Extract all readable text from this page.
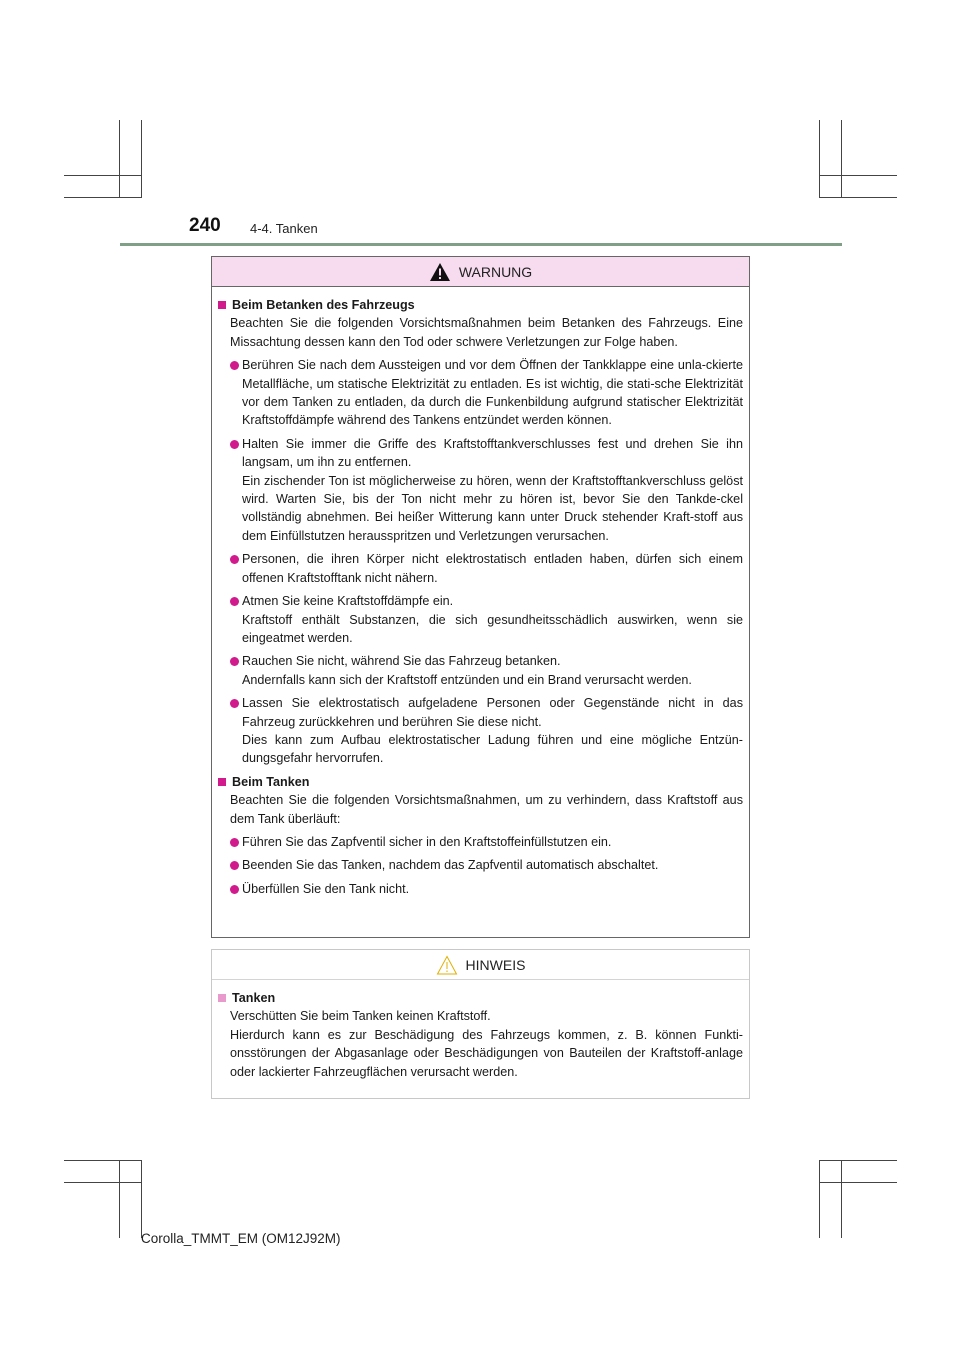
240 4-4. Tanken
WARNUNG
Beim Betanken des Fahrzeugs

Beachten Sie die folgenden Vorsichtsmaßnahmen beim Betanken des Fahrzeugs. Eine Missachtung dessen kann den Tod oder schwere Verletzungen zur Folge haben.

Berühren Sie nach dem Aussteigen und vor dem Öffnen der Tankklappe eine unla-ckierte Metallfläche, um statische Elektrizität zu entladen. Es ist wichtig, die stati-sche Elektrizität vor dem Tanken zu entladen, da durch die Funkenbildung aufgrund statischer Elektrizität Kraftstoffdämpfe während des Tankens entzündet werden können.
Halten Sie immer die Griffe des Kraftstofftankverschlusses fest und drehen Sie ihn langsam, um ihn zu entfernen.
Ein zischender Ton ist möglicherweise zu hören, wenn der Kraftstofftankverschluss gelöst wird. Warten Sie, bis der Ton nicht mehr zu hören ist, bevor Sie den Tankde-ckel vollständig abnehmen. Bei heißer Witterung kann unter Druck stehender Kraft-stoff aus dem Einfüllstutzen herausspritzen und Verletzungen verursachen.
Personen, die ihren Körper nicht elektrostatisch entladen haben, dürfen sich einem offenen Kraftstofftank nicht nähern.
Atmen Sie keine Kraftstoffdämpfe ein.
Kraftstoff enthält Substanzen, die sich gesundheitsschädlich auswirken, wenn sie eingeatmet werden.
Rauchen Sie nicht, während Sie das Fahrzeug betanken.
Andernfalls kann sich der Kraftstoff entzünden und ein Brand verursacht werden.
Lassen Sie elektrostatisch aufgeladene Personen oder Gegenstände nicht in das Fahrzeug zurückkehren und berühren Sie diese nicht.
Dies kann zum Aufbau elektrostatischer Ladung führen und eine mögliche Entzün-dungsgefahr hervorrufen.
Beim Tanken

Beachten Sie die folgenden Vorsichtsmaßnahmen, um zu verhindern, dass Kraftstoff aus dem Tank überläuft:

Führen Sie das Zapfventil sicher in den Kraftstoffeinfüllstutzen ein.
Beenden Sie das Tanken, nachdem das Zapfventil automatisch abschaltet.
Überfüllen Sie den Tank nicht.
HINWEIS
Tanken

Verschütten Sie beim Tanken keinen Kraftstoff.
Hierdurch kann es zur Beschädigung des Fahrzeugs kommen, z. B. können Funkti-onsstörungen der Abgasanlage oder Beschädigungen von Bauteilen der Kraftstoff-anlage oder lackierter Fahrzeugflächen verursacht werden.

Corolla_TMMT_EM (OM12J92M)
